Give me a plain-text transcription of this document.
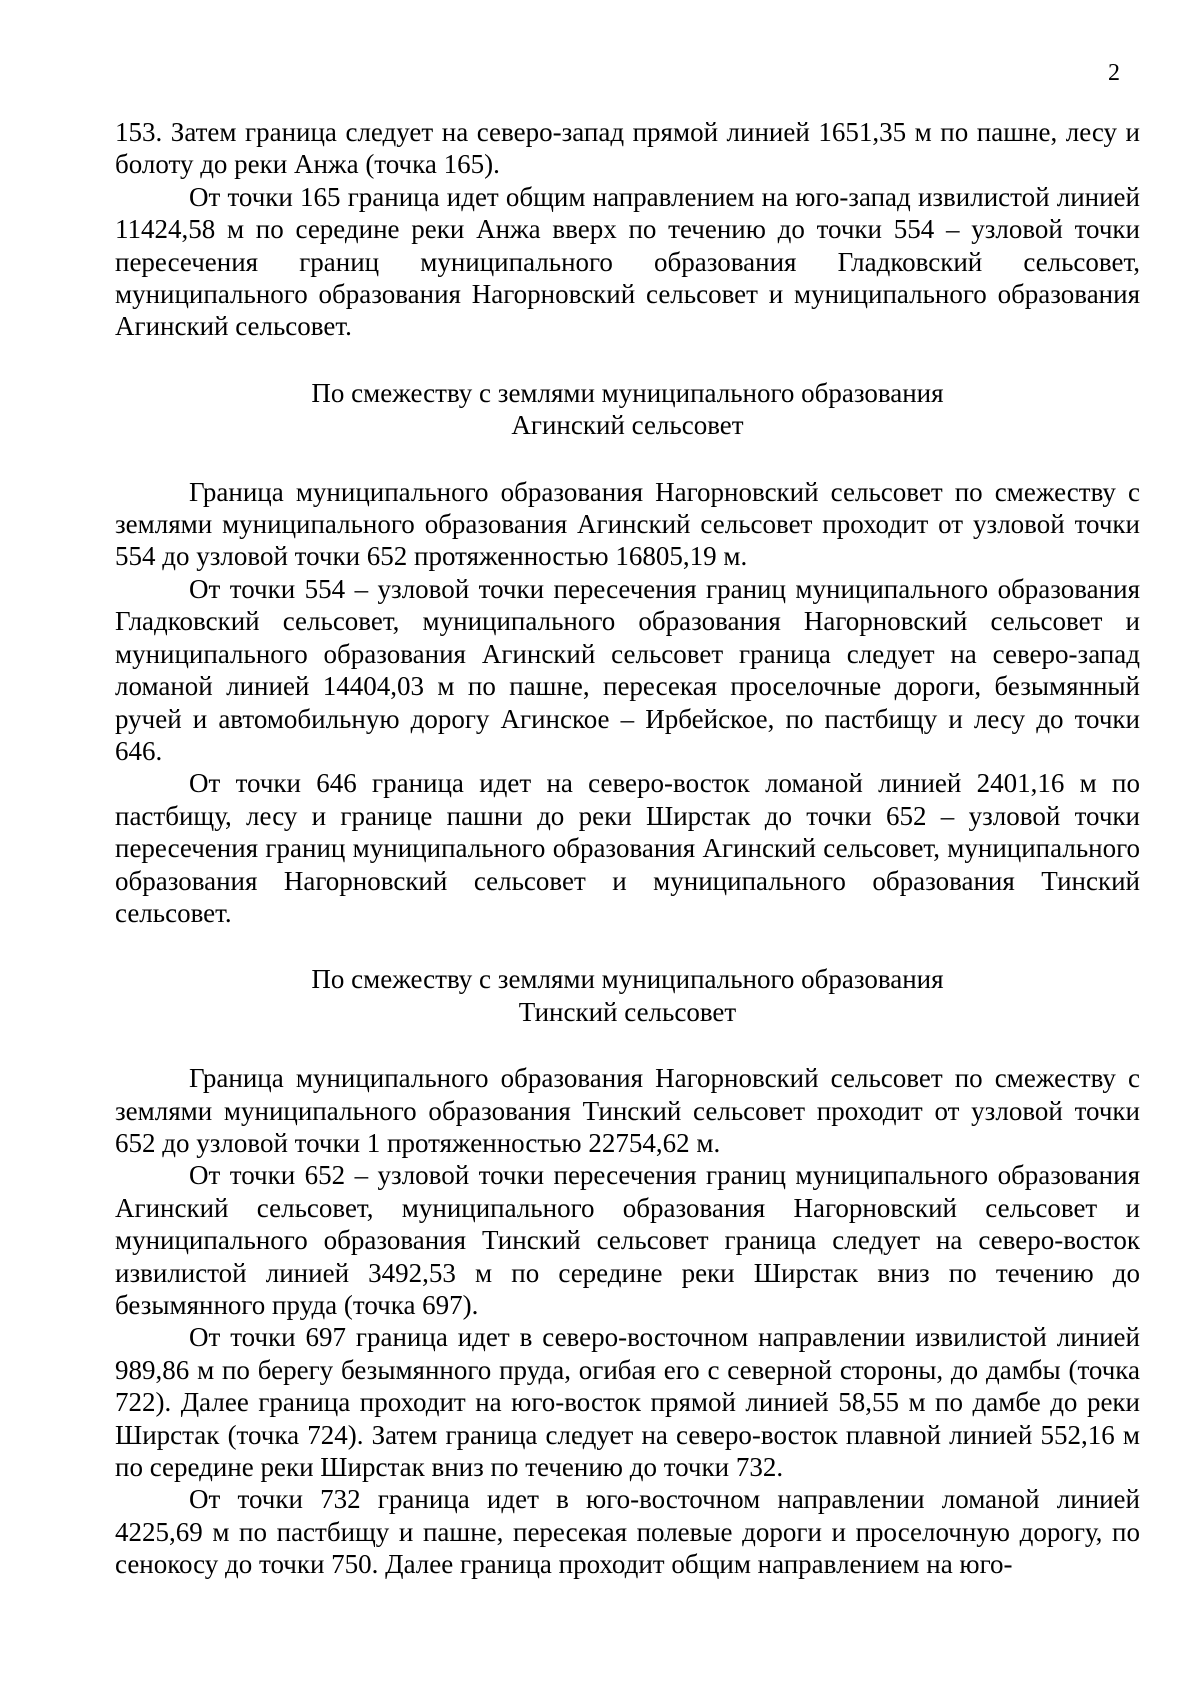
2

153. Затем граница следует на северо-запад прямой линией 1651,35 м по пашне, лесу и болоту до реки Анжа (точка 165).

От точки 165 граница идет общим направлением на юго-запад извилистой линией 11424,58 м по середине реки Анжа вверх по течению до точки 554 – узловой точки пересечения границ муниципального образования Гладковский сельсовет, муниципального образования Нагорновский сельсовет и муниципального образования Агинский сельсовет.

По смежеству с землями муниципального образования
Агинский сельсовет

Граница муниципального образования Нагорновский сельсовет по смежеству с землями муниципального образования Агинский сельсовет проходит от узловой точки 554 до узловой точки 652 протяженностью 16805,19 м.

От точки 554 – узловой точки пересечения границ муниципального образования Гладковский сельсовет, муниципального образования Нагорновский сельсовет и муниципального образования Агинский сельсовет граница следует на северо-запад ломаной линией 14404,03 м по пашне, пересекая проселочные дороги, безымянный ручей и автомобильную дорогу Агинское – Ирбейское, по пастбищу и лесу до точки 646.

От точки 646 граница идет на северо-восток ломаной линией 2401,16 м по пастбищу, лесу и границе пашни до реки Ширстак до точки 652 – узловой точки пересечения границ муниципального образования Агинский сельсовет, муниципального образования Нагорновский сельсовет и муниципального образования Тинский сельсовет.

По смежеству с землями муниципального образования
Тинский сельсовет

Граница муниципального образования Нагорновский сельсовет по смежеству с землями муниципального образования Тинский сельсовет проходит от узловой точки 652 до узловой точки 1 протяженностью 22754,62 м.

От точки 652 – узловой точки пересечения границ муниципального образования Агинский сельсовет, муниципального образования Нагорновский сельсовет и муниципального образования Тинский сельсовет граница следует на северо-восток извилистой линией 3492,53 м по середине реки Ширстак вниз по течению до безымянного пруда (точка 697).

От точки 697 граница идет в северо-восточном направлении извилистой линией 989,86 м по берегу безымянного пруда, огибая его с северной стороны, до дамбы (точка 722). Далее граница проходит на юго-восток прямой линией 58,55 м по дамбе до реки Ширстак (точка 724). Затем граница следует на северо-восток плавной линией 552,16 м по середине реки Ширстак вниз по течению до точки 732.

От точки 732 граница идет в юго-восточном направлении ломаной линией 4225,69 м по пастбищу и пашне, пересекая полевые дороги и проселочную дорогу, по сенокосу до точки 750. Далее граница проходит общим направлением на юго-
